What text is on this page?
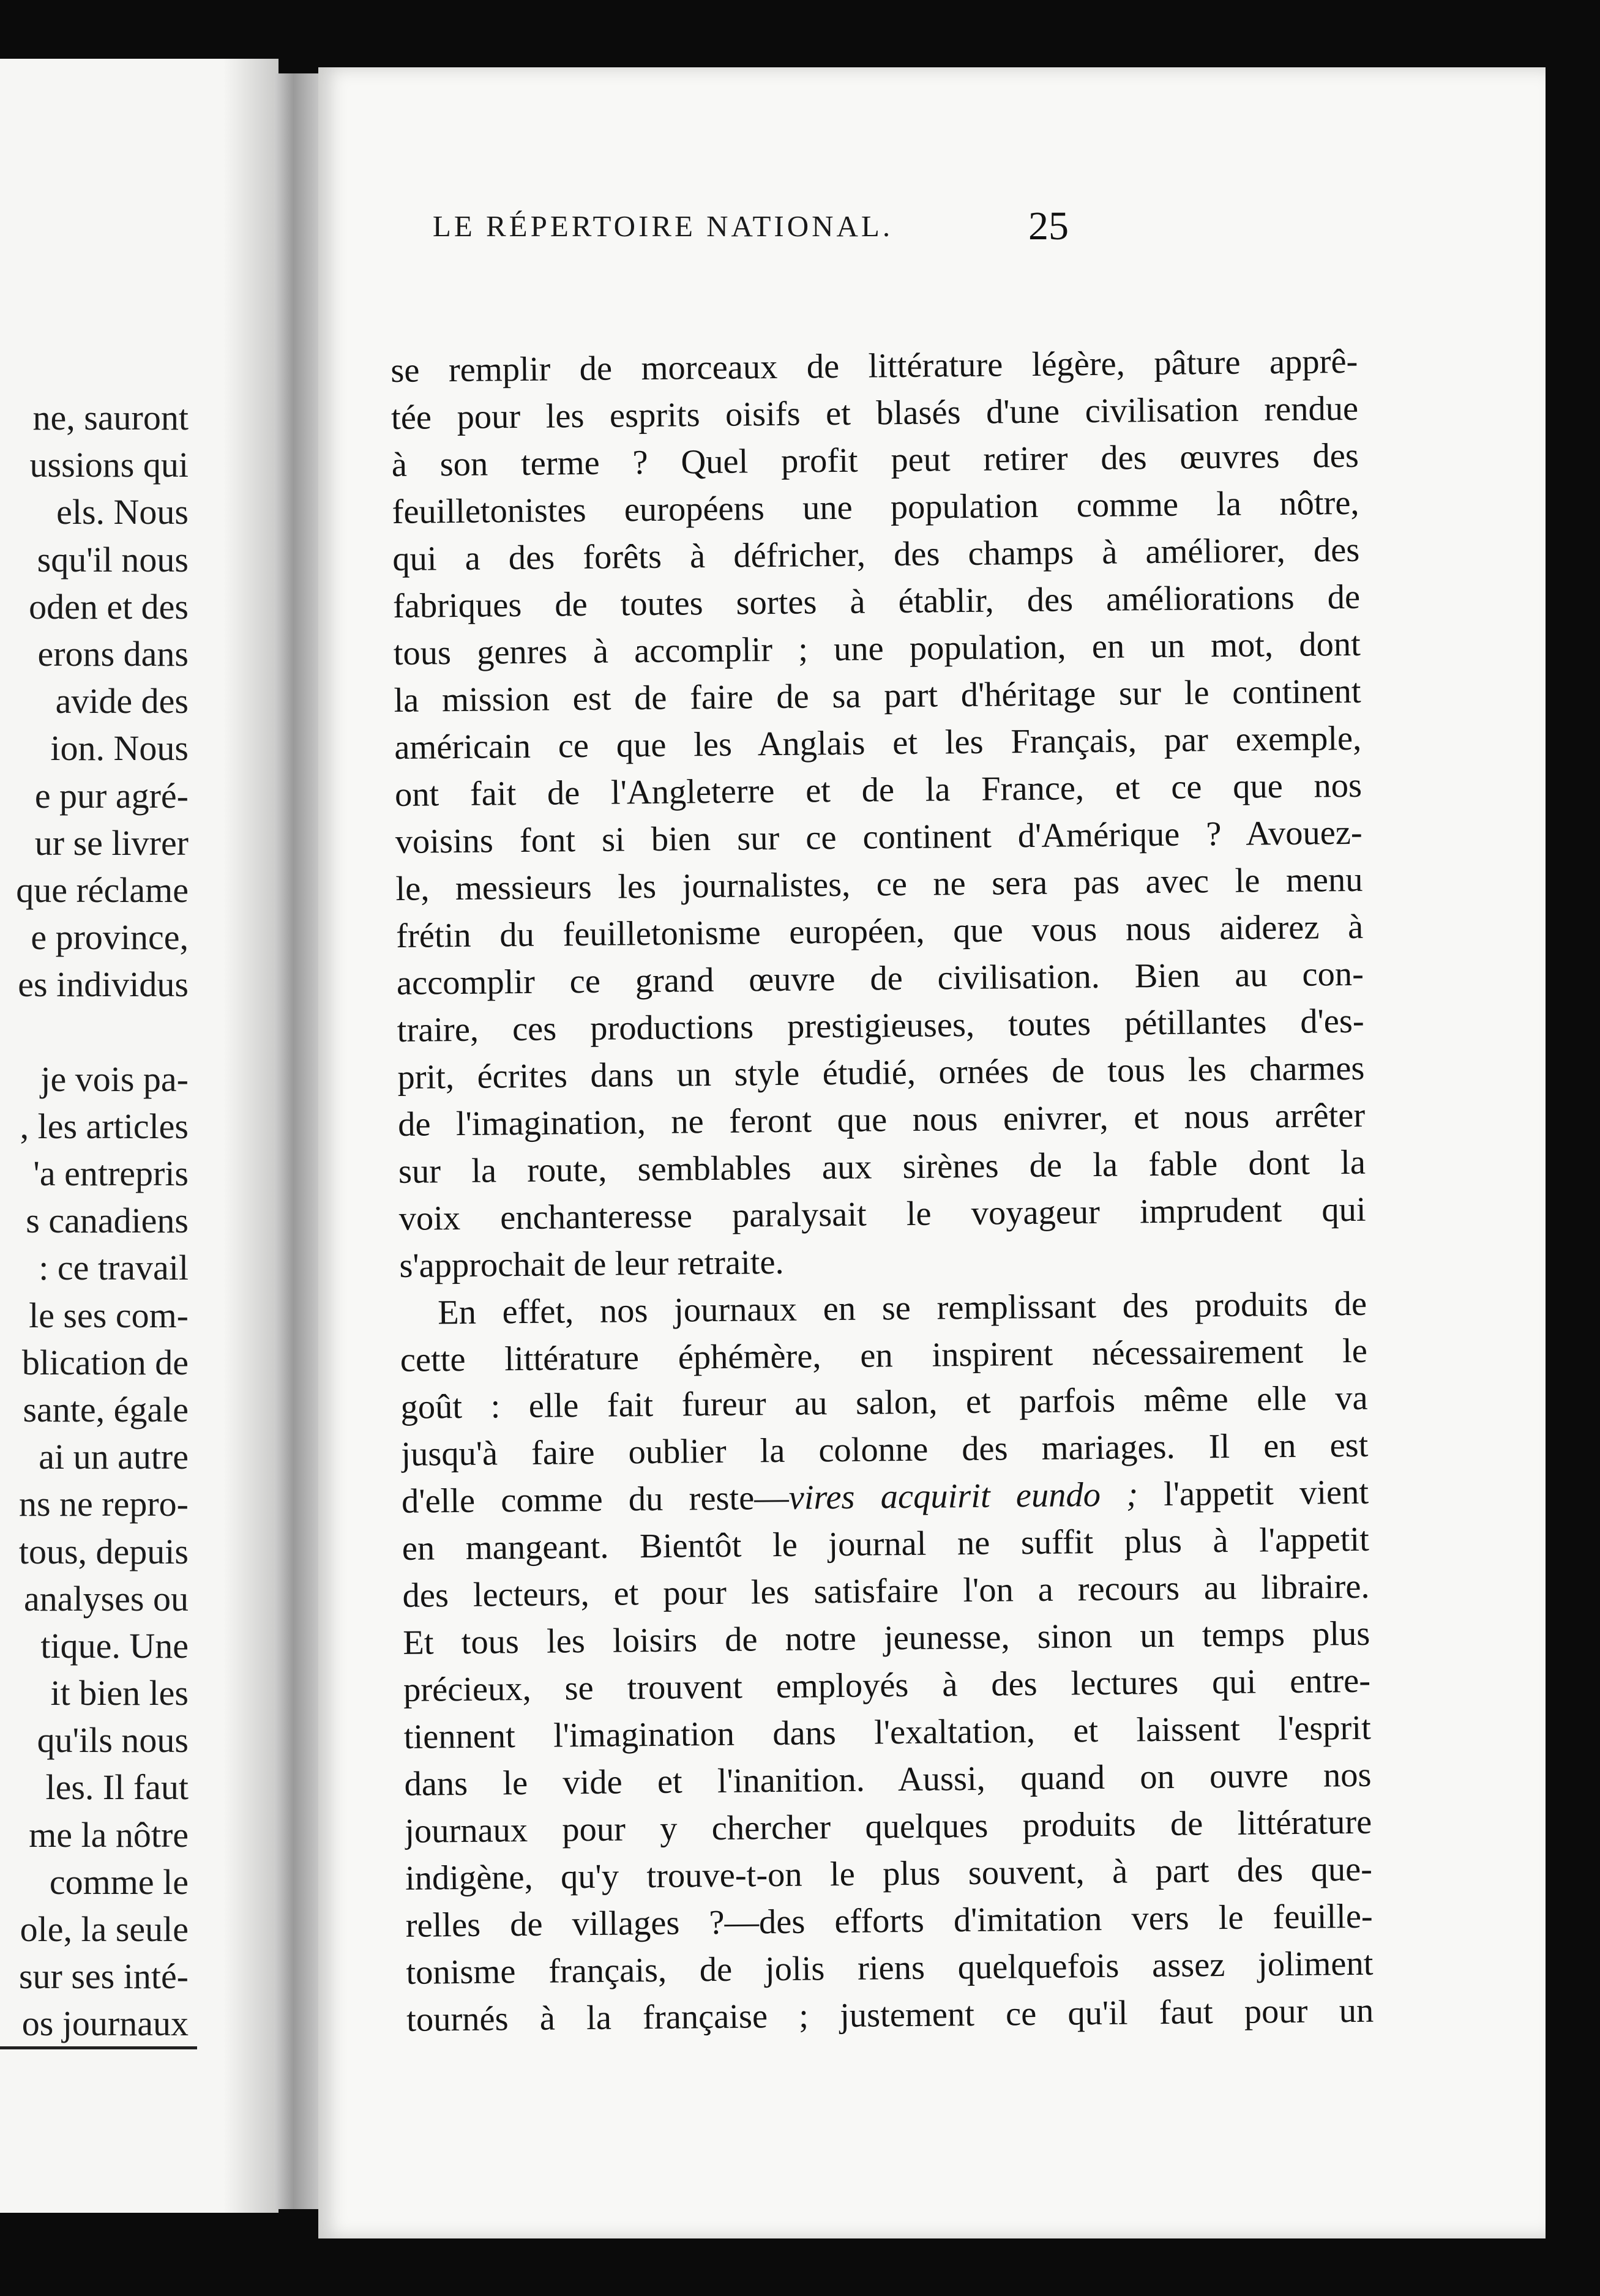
ne, sauront
ussions qui
els. Nous
squ'il nous
oden et des
erons dans
avide des
ion. Nous
e pur agré-
ur se livrer
que réclame
e province,
es individus
je vois pa-
, les articles
'a entrepris
s canadiens
: ce travail
le ses com-
blication de
sante, égale
ai un autre
ns ne repro-
tous, depuis
analyses ou
tique. Une
it bien les
qu'ils nous
les. Il faut
me la nôtre
comme le
ole, la seule
sur ses inté-
os journaux
LE RÉPERTOIRE NATIONAL.	25
se remplir de morceaux de littérature légère, pâture apprê-
tée pour les esprits oisifs et blasés d'une civilisation rendue
à son terme ? Quel profit peut retirer des œuvres des
feuilletonistes européens une population comme la nôtre,
qui a des forêts à défricher, des champs à améliorer, des
fabriques de toutes sortes à établir, des améliorations de
tous genres à accomplir ; une population, en un mot, dont
la mission est de faire de sa part d'héritage sur le continent
américain ce que les Anglais et les Français, par exemple,
ont fait de l'Angleterre et de la France, et ce que nos
voisins font si bien sur ce continent d'Amérique ? Avouez-
le, messieurs les journalistes, ce ne sera pas avec le menu
frétin du feuilletonisme européen, que vous nous aiderez à
accomplir ce grand œuvre de civilisation. Bien au con-
traire, ces productions prestigieuses, toutes pétillantes d'es-
prit, écrites dans un style étudié, ornées de tous les charmes
de l'imagination, ne feront que nous enivrer, et nous arrêter
sur la route, semblables aux sirènes de la fable dont la
voix enchanteresse paralysait le voyageur imprudent qui
s'approchait de leur retraite.
En effet, nos journaux en se remplissant des produits de
cette littérature éphémère, en inspirent nécessairement le
goût : elle fait fureur au salon, et parfois même elle va
jusqu'à faire oublier la colonne des mariages. Il en est
d'elle comme du reste—vires acquirit eundo ; l'appetit vient
en mangeant. Bientôt le journal ne suffit plus à l'appetit
des lecteurs, et pour les satisfaire l'on a recours au libraire.
Et tous les loisirs de notre jeunesse, sinon un temps plus
précieux, se trouvent employés à des lectures qui entre-
tiennent l'imagination dans l'exaltation, et laissent l'esprit
dans le vide et l'inanition. Aussi, quand on ouvre nos
journaux pour y chercher quelques produits de littérature
indigène, qu'y trouve-t-on le plus souvent, à part des que-
relles de villages ?—des efforts d'imitation vers le feuille-
tonisme français, de jolis riens quelquefois assez joliment
tournés à la française ; justement ce qu'il faut pour un
